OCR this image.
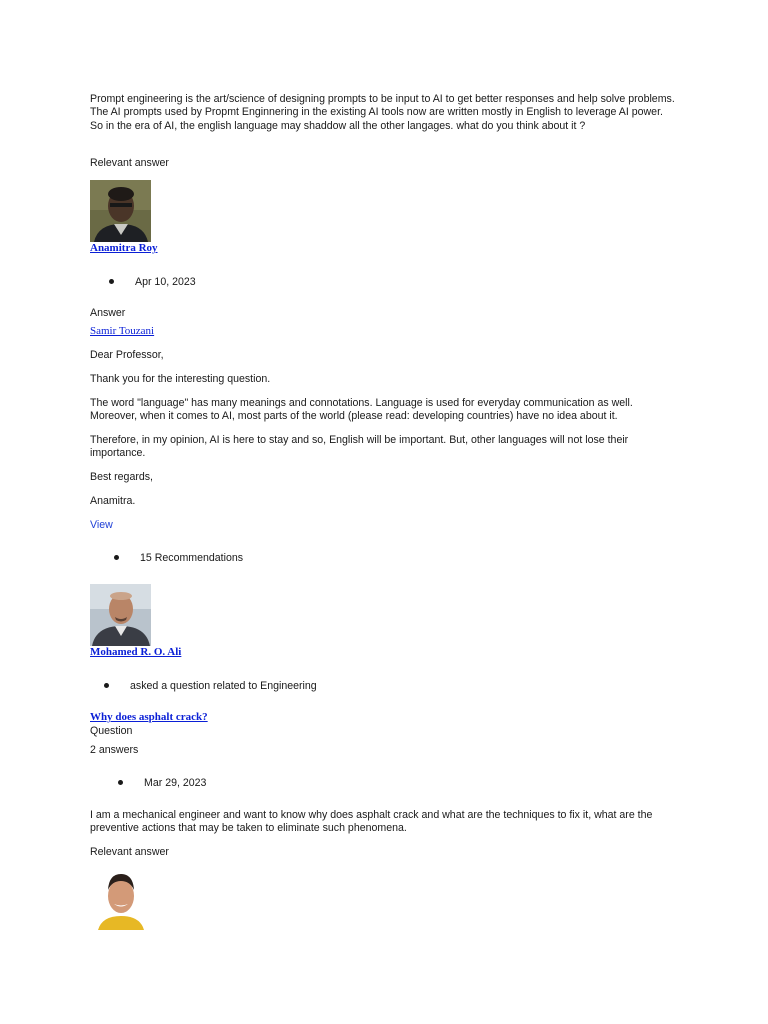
Prompt engineering is the art/science of designing prompts to be input to AI to get better responses and help solve problems. The AI prompts used by Propmt Enginnering in the existing AI tools now are written mostly in English to leverage AI power. So in the era of AI, the english language may shaddow all the other langages. what do you think about it ?

Relevant answer

Anamitra Roy

Apr 10, 2023

Answer

Samir Touzani

Dear Professor,

Thank you for the interesting question.

The word "language" has many meanings and connotations. Language is used for everyday communication as well. Moreover, when it comes to AI, most parts of the world (please read: developing countries) have no idea about it.

Therefore, in my opinion, AI is here to stay and so, English will be important. But, other languages will not lose their importance.

Best regards,

Anamitra.

View

15 Recommendations

Mohamed R. O. Ali

asked a question related to Engineering

Why does asphalt crack?

Question

2 answers

Mar 29, 2023

I am a mechanical engineer and want to know why does asphalt crack and what are the techniques to fix it, what are the preventive actions that may be taken to eliminate such phenomena.

Relevant answer
